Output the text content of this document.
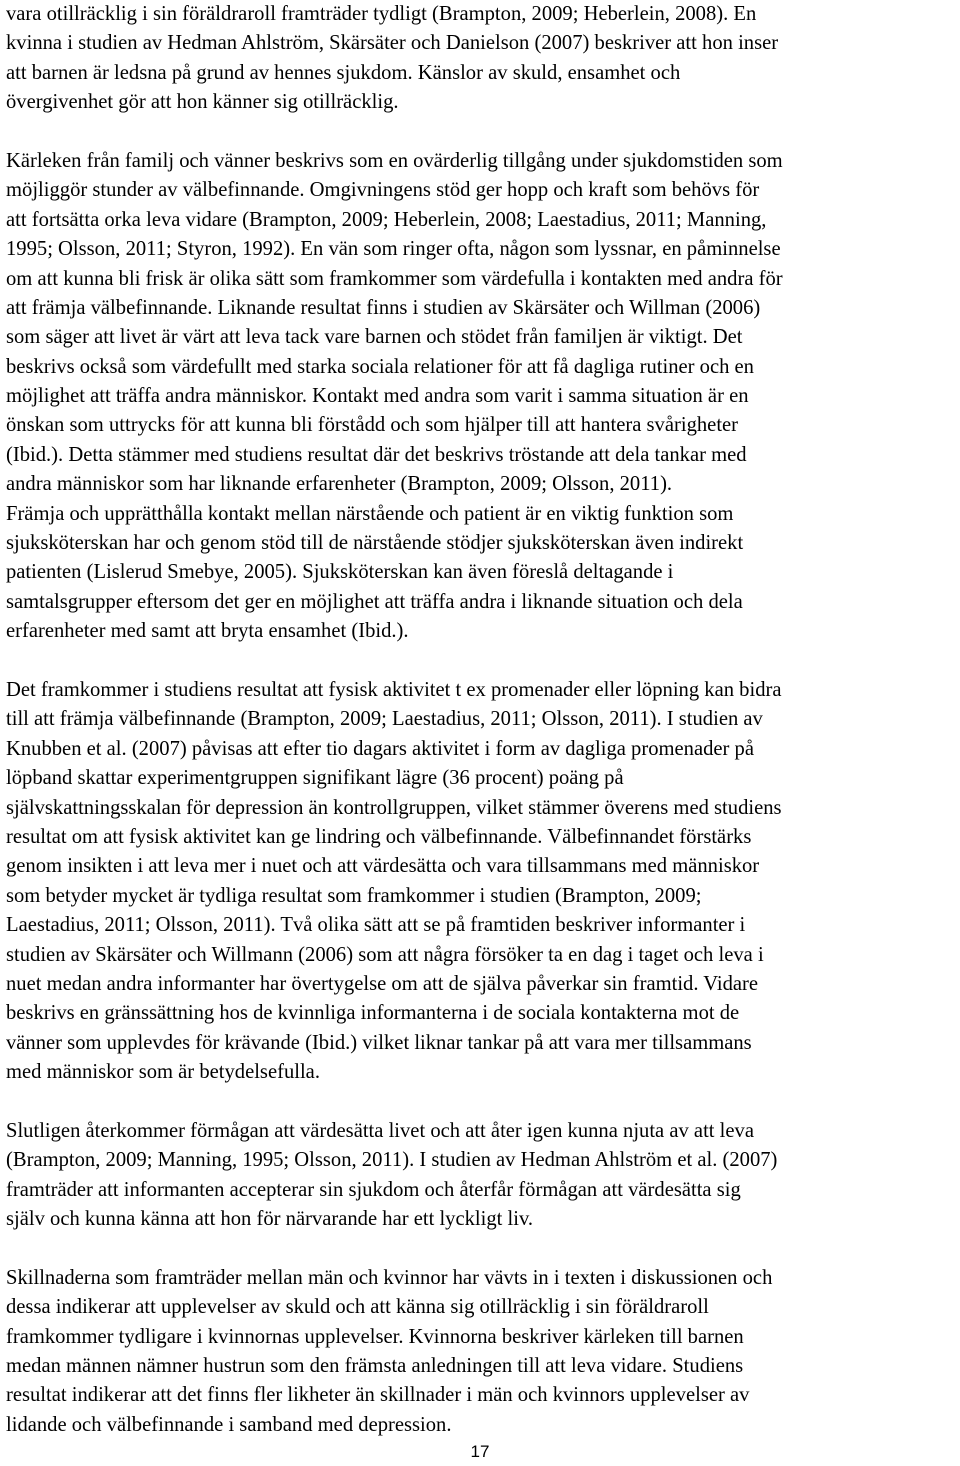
vara otillräcklig i sin föräldraroll framträder tydligt (Brampton, 2009; Heberlein, 2008). En
kvinna i studien av Hedman Ahlström, Skärsäter och Danielson (2007) beskriver att hon inser
att barnen är ledsna på grund av hennes sjukdom. Känslor av skuld, ensamhet och
övergivenhet gör att hon känner sig otillräcklig.
Kärleken från familj och vänner beskrivs som en ovärderlig tillgång under sjukdomstiden som
möjliggör stunder av välbefinnande. Omgivningens stöd ger hopp och kraft som behövs för
att fortsätta orka leva vidare (Brampton, 2009; Heberlein, 2008; Laestadius, 2011; Manning,
1995; Olsson, 2011; Styron, 1992). En vän som ringer ofta, någon som lyssnar, en påminnelse
om att kunna bli frisk är olika sätt som framkommer som värdefulla i kontakten med andra för
att främja välbefinnande. Liknande resultat finns i studien av Skärsäter och Willman (2006)
som säger att livet är värt att leva tack vare barnen och stödet från familjen är viktigt. Det
beskrivs också som värdefullt med starka sociala relationer för att få dagliga rutiner och en
möjlighet att träffa andra människor. Kontakt med andra som varit i samma situation är en
önskan som uttrycks för att kunna bli förstådd och som hjälper till att hantera svårigheter
(Ibid.). Detta stämmer med studiens resultat där det beskrivs tröstande att dela tankar med
andra människor som har liknande erfarenheter (Brampton, 2009; Olsson, 2011).
Främja och upprätthålla kontakt mellan närstående och patient är en viktig funktion som
sjuksköterskan har och genom stöd till de närstående stödjer sjuksköterskan även indirekt
patienten (Lislerud Smebye, 2005). Sjuksköterskan kan även föreslå deltagande i
samtalsgrupper eftersom det ger en möjlighet att träffa andra i liknande situation och dela
erfarenheter med samt att bryta ensamhet (Ibid.).
Det framkommer i studiens resultat att fysisk aktivitet t ex promenader eller löpning kan bidra
till att främja välbefinnande (Brampton, 2009; Laestadius, 2011; Olsson, 2011). I studien av
Knubben et al. (2007) påvisas att efter tio dagars aktivitet i form av dagliga promenader på
löpband skattar experimentgruppen signifikant lägre (36 procent) poäng på
självskattningsskalan för depression än kontrollgruppen, vilket stämmer överens med studiens
resultat om att fysisk aktivitet kan ge lindring och välbefinnande. Välbefinnandet förstärks
genom insikten i att leva mer i nuet och att värdesätta och vara tillsammans med människor
som betyder mycket är tydliga resultat som framkommer i studien (Brampton, 2009;
Laestadius, 2011; Olsson, 2011). Två olika sätt att se på framtiden beskriver informanter i
studien av Skärsäter och Willmann (2006) som att några försöker ta en dag i taget och leva i
nuet medan andra informanter har övertygelse om att de själva påverkar sin framtid. Vidare
beskrivs en gränssättning hos de kvinnliga informanterna i de sociala kontakterna mot de
vänner som upplevdes för krävande (Ibid.) vilket liknar tankar på att vara mer tillsammans
med människor som är betydelsefulla.
Slutligen återkommer förmågan att värdesätta livet och att åter igen kunna njuta av att leva
(Brampton, 2009; Manning, 1995; Olsson, 2011). I studien av Hedman Ahlström et al. (2007)
framträder att informanten accepterar sin sjukdom och återfår förmågan att värdesätta sig
själv och kunna känna att hon för närvarande har ett lyckligt liv.
Skillnaderna som framträder mellan män och kvinnor har vävts in i texten i diskussionen och
dessa indikerar att upplevelser av skuld och att känna sig otillräcklig i sin föräldraroll
framkommer tydligare i kvinnornas upplevelser. Kvinnorna beskriver kärleken till barnen
medan männen nämner hustrun som den främsta anledningen till att leva vidare. Studiens
resultat indikerar att det finns fler likheter än skillnader i män och kvinnors upplevelser av
lidande och välbefinnande i samband med depression.
17
